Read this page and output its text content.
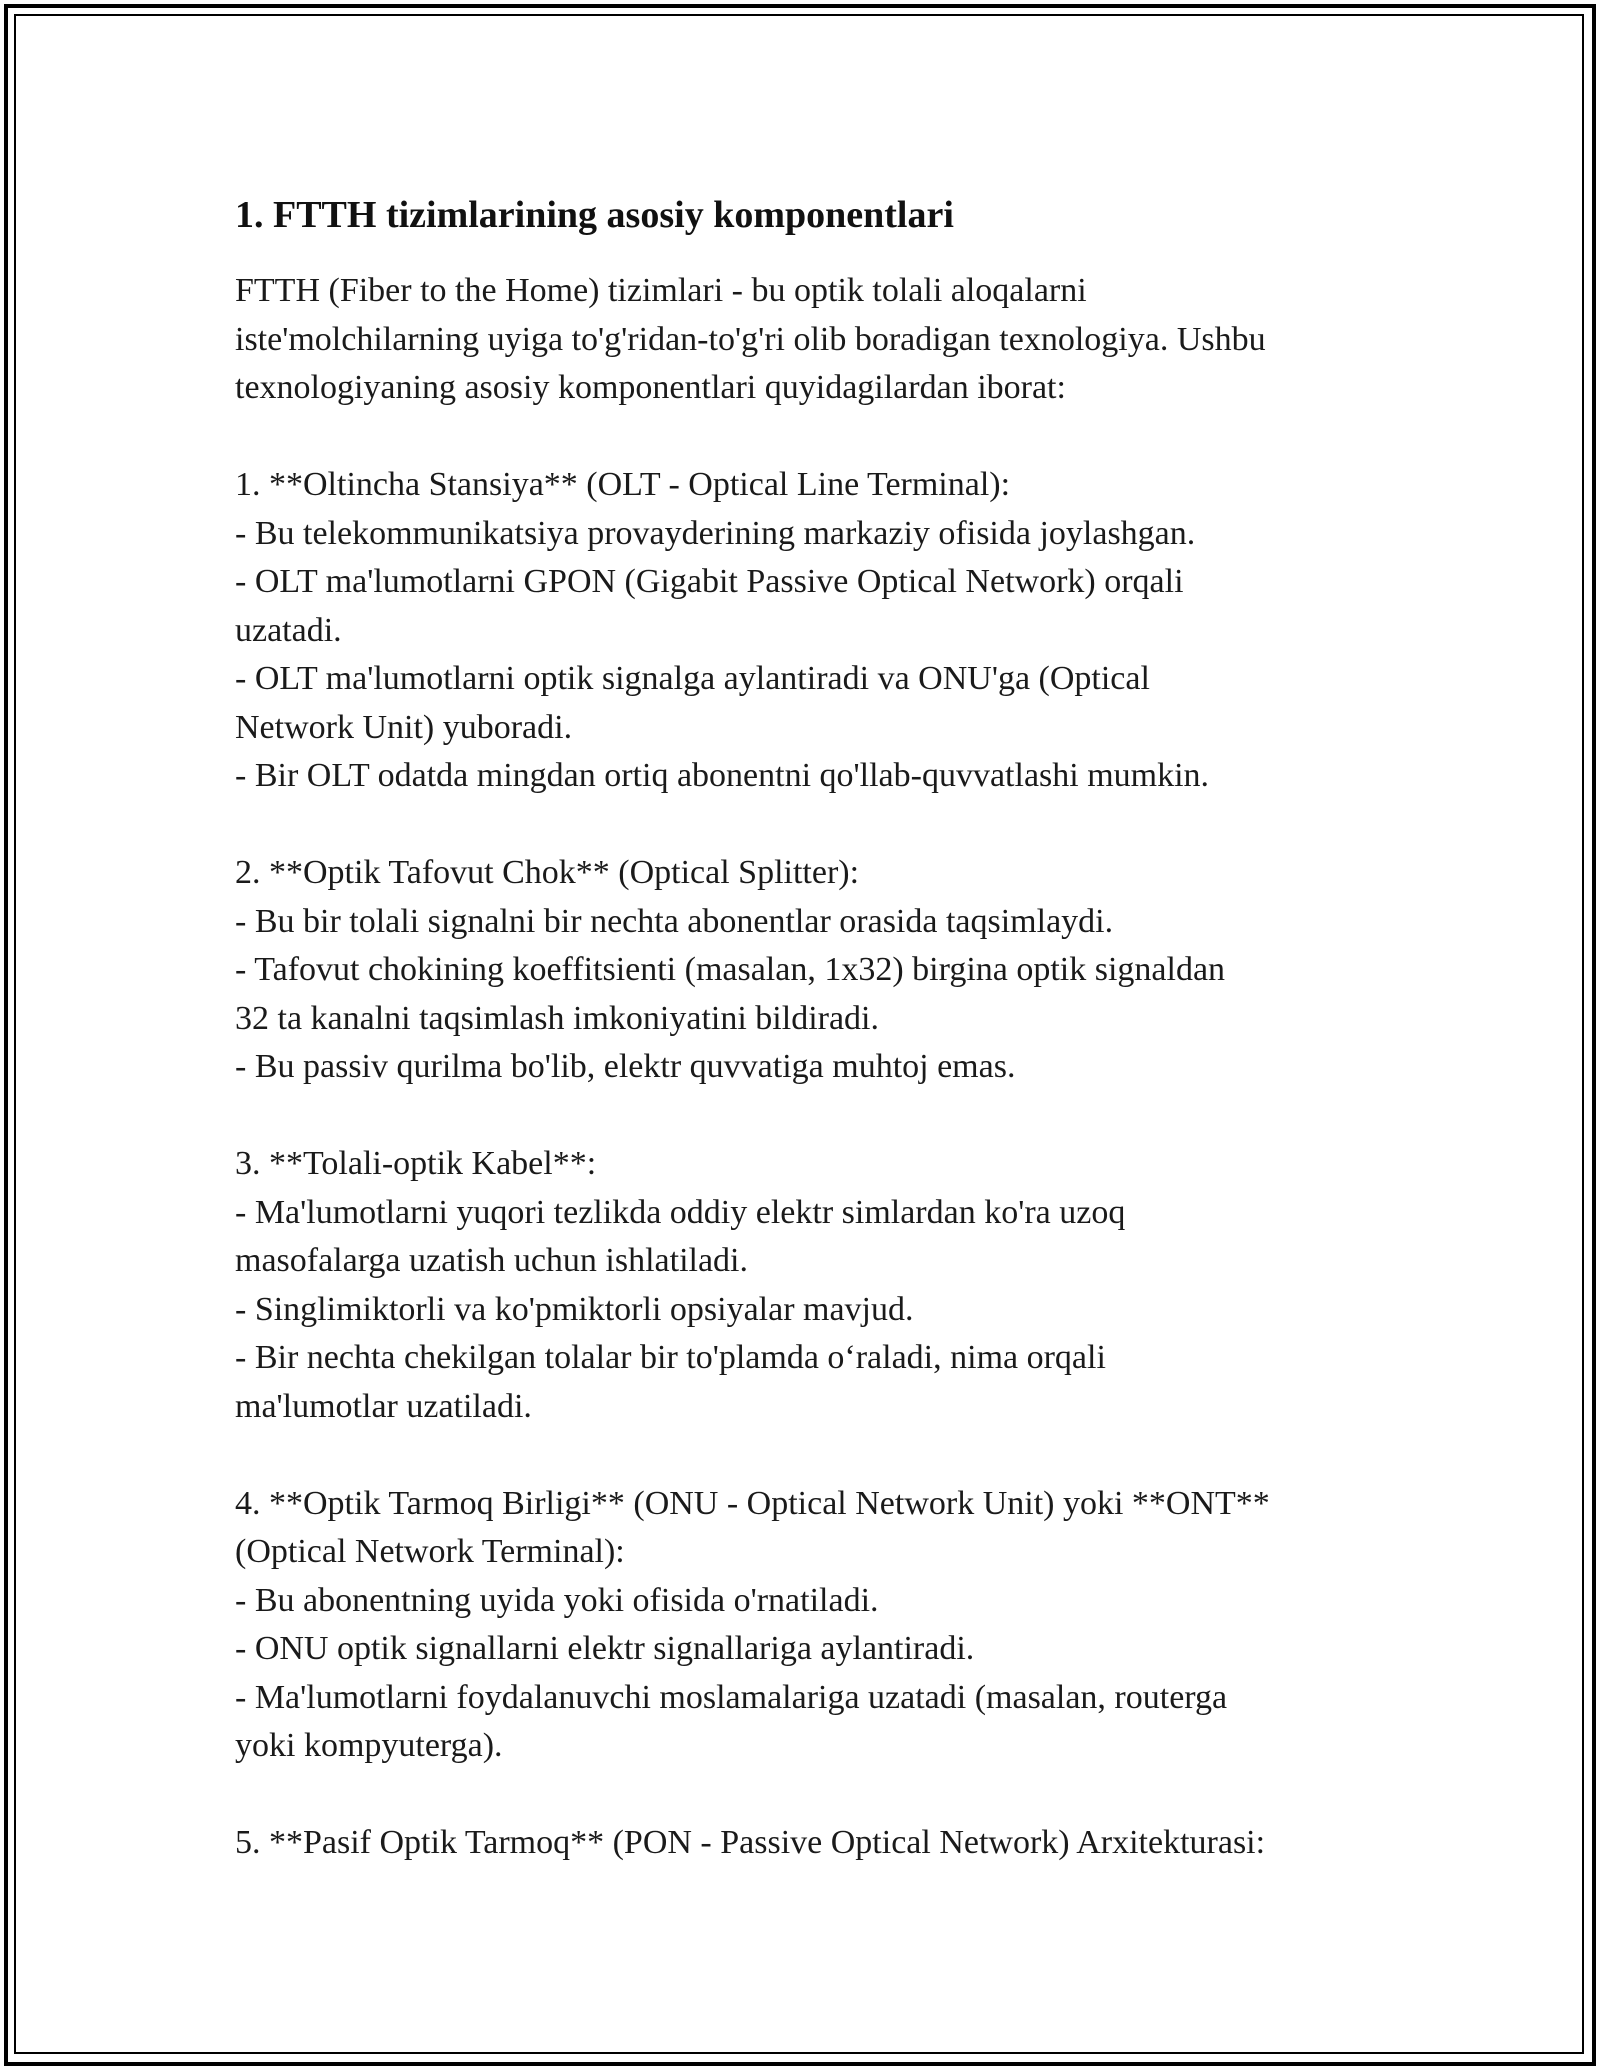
1. FTTH tizimlarining asosiy komponentlari

FTTH (Fiber to the Home) tizimlari - bu optik tolali aloqalarni
iste'molchilarning uyiga to'g'ridan-to'g'ri olib boradigan texnologiya. Ushbu
texnologiyaning asosiy komponentlari quyidagilardan iborat:

1. **Oltincha Stansiya** (OLT - Optical Line Terminal):

- Bu telekommunikatsiya provayderining markaziy ofisida joylashgan.

- OLT ma'lumotlarni GPON (Gigabit Passive Optical Network) orqali
uzatadi.

- OLT ma'lumotlarni optik signalga aylantiradi va ONU'ga (Optical
Network Unit) yuboradi.

- Bir OLT odatda mingdan ortiq abonentni qo'llab-quvvatlashi mumkin.

2. **Optik Tafovut Chok** (Optical Splitter):

- Bu bir tolali signalni bir nechta abonentlar orasida taqsimlaydi.

- Tafovut chokining koeffitsienti (masalan, 1x32) birgina optik signaldan
32 ta kanalni taqsimlash imkoniyatini bildiradi.

- Bu passiv qurilma bo'lib, elektr quvvatiga muhtoj emas.

3. **Tolali-optik Kabel**:

- Ma'lumotlarni yuqori tezlikda oddiy elektr simlardan ko'ra uzoq
masofalarga uzatish uchun ishlatiladi.

- Singlimiktorli va ko'pmiktorli opsiyalar mavjud.

- Bir nechta chekilgan tolalar bir to'plamda o‘raladi, nima orqali
ma'lumotlar uzatiladi.

4. **Optik Tarmoq Birligi** (ONU - Optical Network Unit) yoki **ONT**
(Optical Network Terminal):

- Bu abonentning uyida yoki ofisida o'rnatiladi.

- ONU optik signallarni elektr signallariga aylantiradi.

- Ma'lumotlarni foydalanuvchi moslamalariga uzatadi (masalan, routerga
yoki kompyuterga).

5. **Pasif Optik Tarmoq** (PON - Passive Optical Network) Arxitekturasi:
